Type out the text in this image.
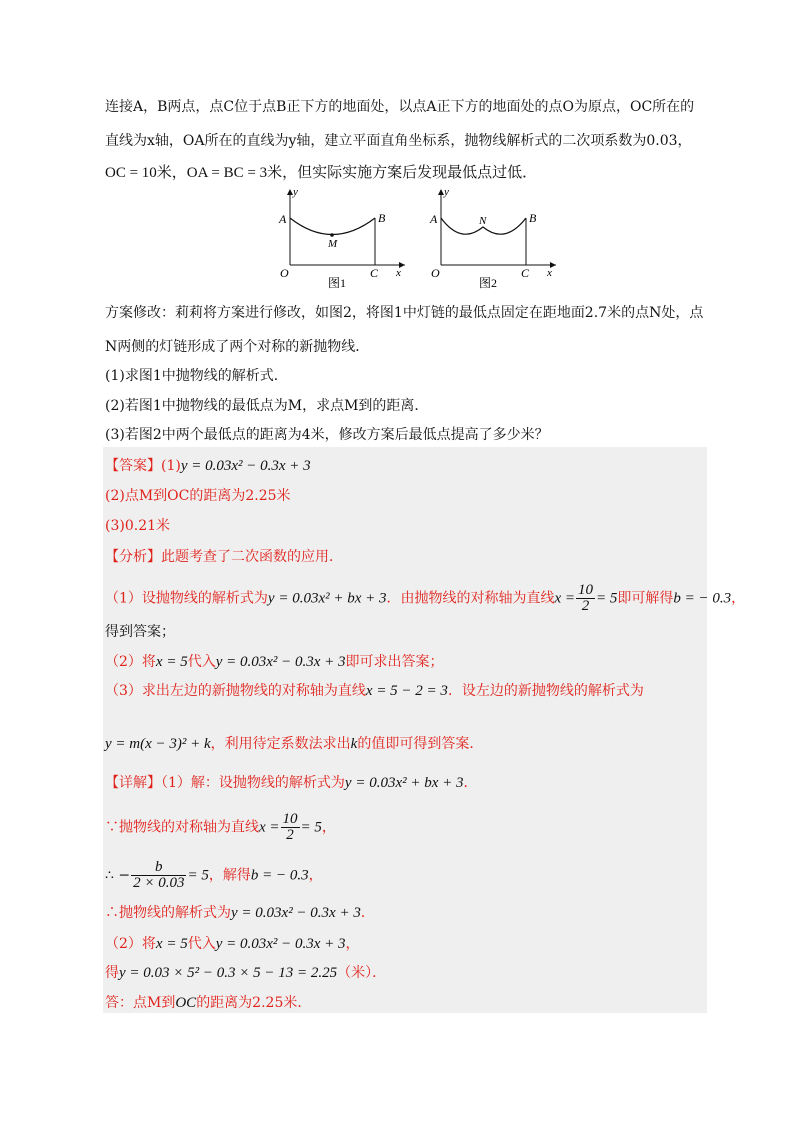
连接A，B两点，点C位于点B正下方的地面处，以点A正下方的地面处的点O为原点，OC所在的
直线为x轴，OA所在的直线为y轴，建立平面直角坐标系，抛物线解析式的二次项系数为0.03，
OC = 10米，OA = BC = 3米，但实际实施方案后发现最低点过低．
y
A	B
M
O	C x
图1
y
A	B
N
O	C x
图2
方案修改：莉莉将方案进行修改，如图2，将图1中灯链的最低点固定在距地面2.7米的点N处，点
N两侧的灯链形成了两个对称的新抛物线．
(1)求图1中抛物线的解析式．
(2)若图1中抛物线的最低点为M，求点M到的距离．
(3)若图2中两个最低点的距离为4米，修改方案后最低点提高了多少米？
【答案】(1)y = 0.03x² − 0.3x + 3
(2)点M到OC的距离为2.25米
(3)0.21米
【分析】此题考查了二次函数的应用．
（1）设抛物线的解析式为y = 0.03x² + bx + 3．由抛物线的对称轴为直线$x = \frac{10}{2} = 5$即可解得b = − 0.3，
得到答案；
（2）将x = 5代入y = 0.03x² − 0.3x + 3即可求出答案；
（3）求出左边的新抛物线的对称轴为直线x = 5 − 2 = 3．设左边的新抛物线的解析式为
y = m(x − 3)² + k，利用待定系数法求出k的值即可得到答案．
【详解】（1）解：设抛物线的解析式为y = 0.03x² + bx + 3．
∵抛物线的对称轴为直线$x = \frac{10}{2} = 5$，
∴ − $\frac{b}{2 \times 0.03} = 5$，解得b = − 0.3，
∴抛物线的解析式为y = 0.03x² − 0.3x + 3．
（2）将x = 5代入y = 0.03x² − 0.3x + 3，
得y = 0.03 × 5² − 0.3 × 5 − 13 = 2.25（米）．
答：点M到OC的距离为2.25米．
